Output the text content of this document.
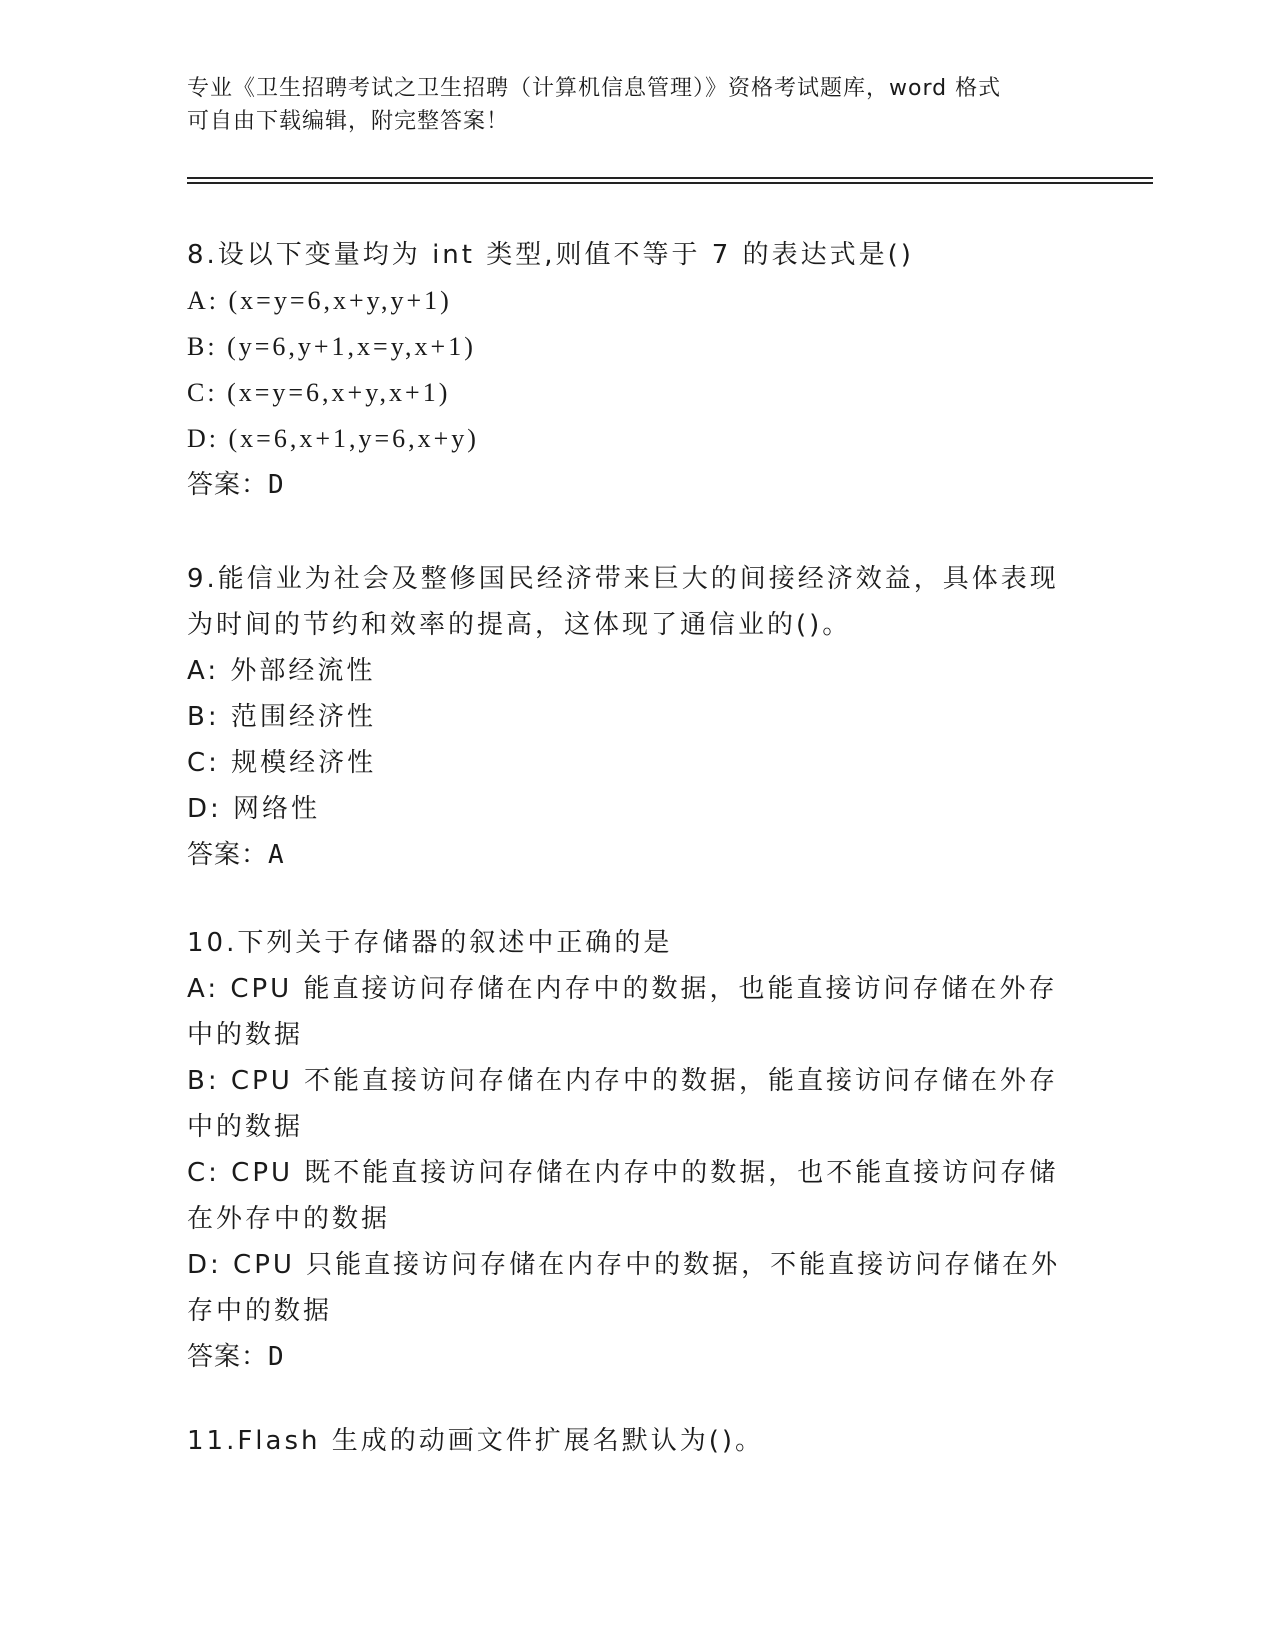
专业《卫生招聘考试之卫生招聘（计算机信息管理）》资格考试题库，word 格式
可自由下载编辑，附完整答案！

8.设以下变量均为 int 类型,则值不等于 7 的表达式是()

A: (x=y=6,x+y,y+1)

B: (y=6,y+1,x=y,x+1)

C: (x=y=6,x+y,x+1)

D: (x=6,x+1,y=6,x+y)

答案：D

9.能信业为社会及整修国民经济带来巨大的间接经济效益，具体表现为时间的节约和效率的提高，这体现了通信业的()。

A: 外部经流性

B: 范围经济性

C: 规模经济性

D: 网络性

答案：A

10.下列关于存储器的叙述中正确的是

A: CPU 能直接访问存储在内存中的数据，也能直接访问存储在外存中的数据

B: CPU 不能直接访问存储在内存中的数据，能直接访问存储在外存中的数据

C: CPU 既不能直接访问存储在内存中的数据，也不能直接访问存储在外存中的数据

D: CPU 只能直接访问存储在内存中的数据，不能直接访问存储在外存中的数据

答案：D

11.Flash 生成的动画文件扩展名默认为()。
